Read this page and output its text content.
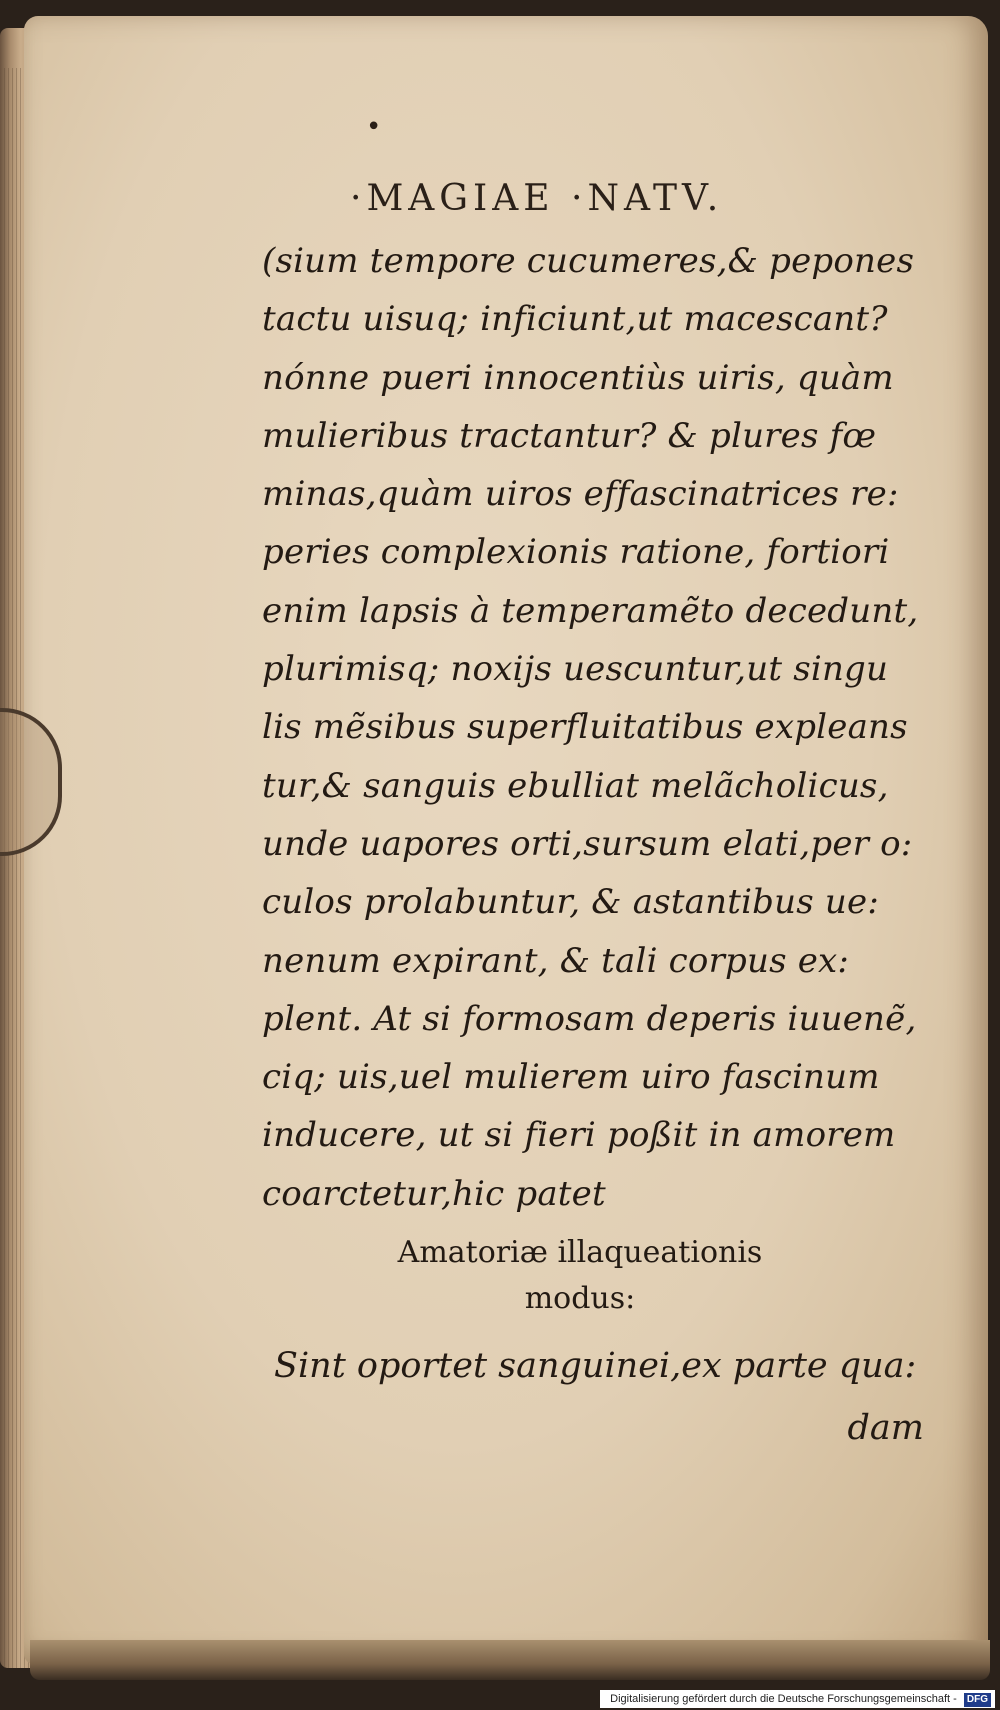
•
·MAGIAE ·NATV.
(sium tempore cucumeres,& pepones
tactu uisuq; inficiunt,ut macescant?
nónne pueri innocentiùs uiris, quàm
mulieribus tractantur? & plures fœ
minas,quàm uiros effascinatrices re:
peries complexionis ratione, fortiori
enim lapsis à temperamẽto decedunt,
plurimisq; noxijs uescuntur,ut singu
lis mẽsibus superfluitatibus expleans
tur,& sanguis ebulliat melãcholicus,
unde uapores orti,sursum elati,per o:
culos prolabuntur, & astantibus ue:
nenum expirant, & tali corpus ex:
plent. At si formosam deperis iuuenẽ,
ciq; uis,uel mulierem uiro fascinum
inducere, ut si fieri poßit in amorem
coarctetur,hic patet
Amatoriæ illaqueationis
modus:
Sint oportet sanguinei,ex parte qua:
dam
Digitalisierung gefördert durch die Deutsche Forschungsgemeinschaft - DFG
